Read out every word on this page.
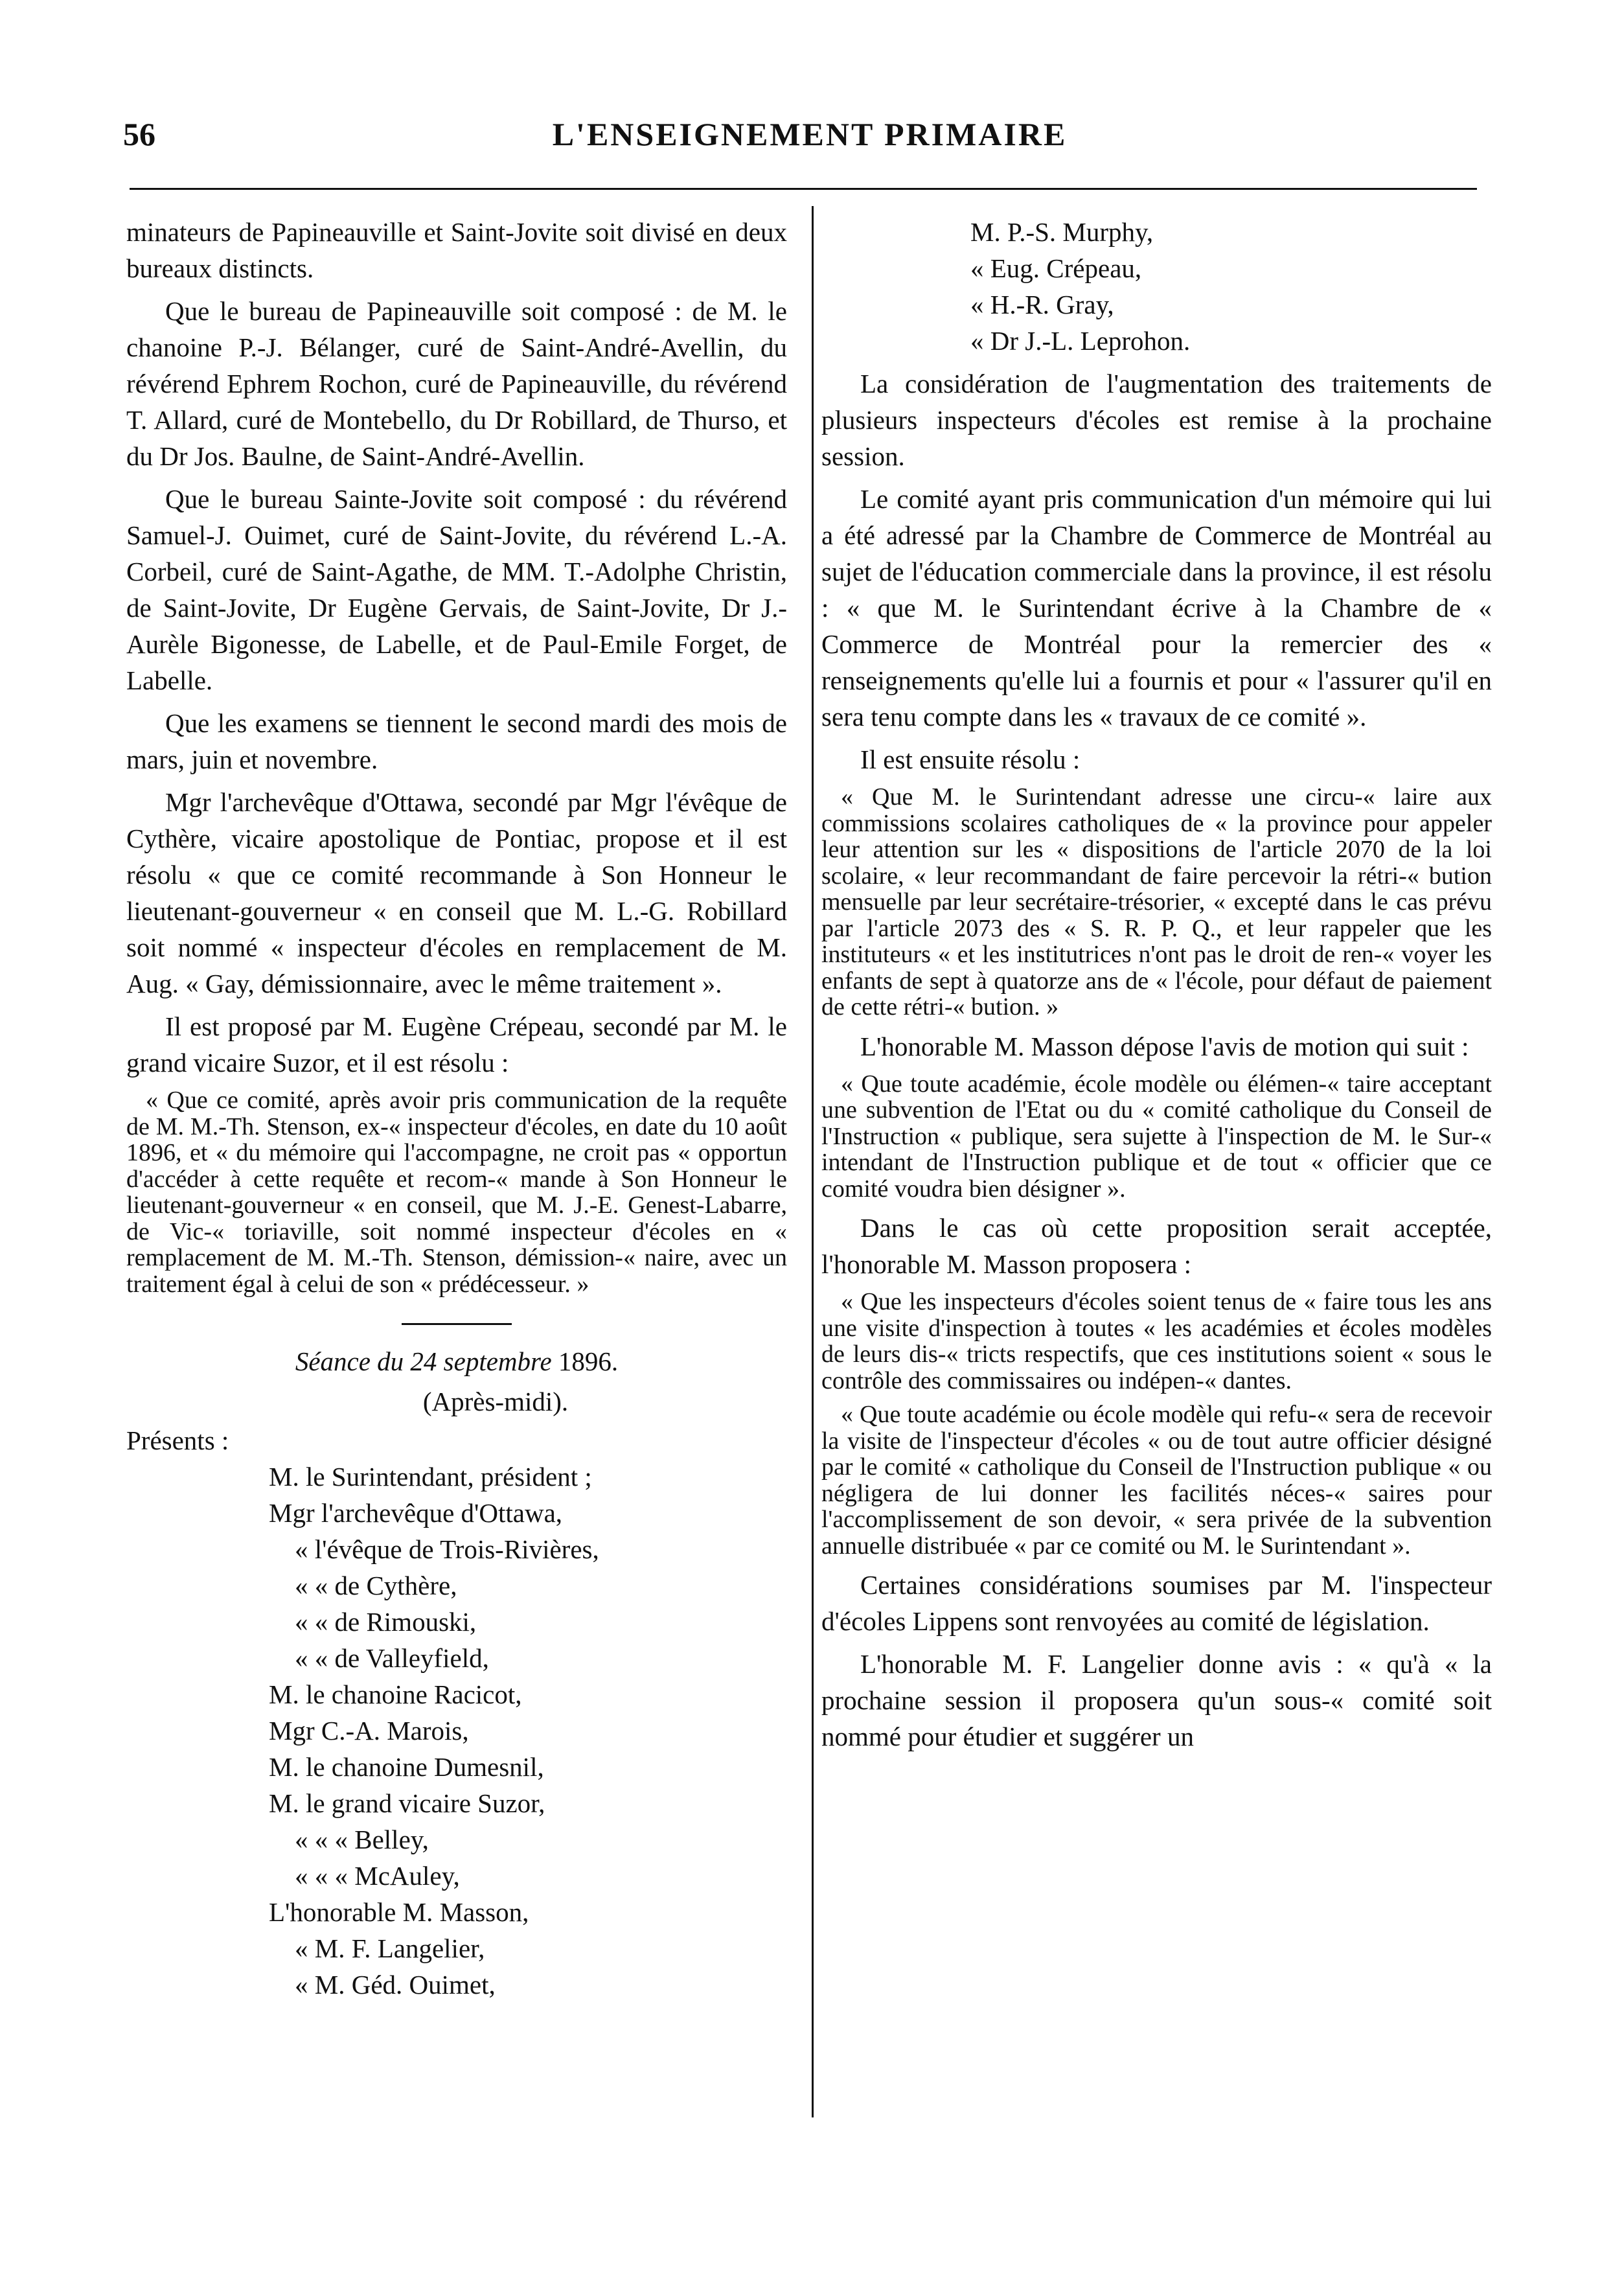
56	L'ENSEIGNEMENT PRIMAIRE

minateurs de Papineauville et Saint-Jovite soit divisé en deux bureaux distincts.

Que le bureau de Papineauville soit composé : de M. le chanoine P.-J. Bélanger, curé de Saint-André-Avellin, du révérend Ephrem Rochon, curé de Papineauville, du révérend T. Allard, curé de Montebello, du Dr Robillard, de Thurso, et du Dr Jos. Baulne, de Saint-André-Avellin.

Que le bureau Sainte-Jovite soit composé : du révérend Samuel-J. Ouimet, curé de Saint-Jovite, du révérend L.-A. Corbeil, curé de Saint-Agathe, de MM. T.-Adolphe Christin, de Saint-Jovite, Dr Eugène Gervais, de Saint-Jovite, Dr J.-Aurèle Bigonesse, de Labelle, et de Paul-Emile Forget, de Labelle.

Que les examens se tiennent le second mardi des mois de mars, juin et novembre.

Mgr l'archevêque d'Ottawa, secondé par Mgr l'évêque de Cythère, vicaire apostolique de Pontiac, propose et il est résolu « que ce comité recommande à Son Honneur le lieutenant-gouverneur « en conseil que M. L.-G. Robillard soit nommé « inspecteur d'écoles en remplacement de M. Aug. « Gay, démissionnaire, avec le même traitement ».

Il est proposé par M. Eugène Crépeau, secondé par M. le grand vicaire Suzor, et il est résolu :

« Que ce comité, après avoir pris communication de la requête de M. M.-Th. Stenson, ex-« inspecteur d'écoles, en date du 10 août 1896, et « du mémoire qui l'accompagne, ne croit pas « opportun d'accéder à cette requête et recom-« mande à Son Honneur le lieutenant-gouverneur « en conseil, que M. J.-E. Genest-Labarre, de Vic-« toriaville, soit nommé inspecteur d'écoles en « remplacement de M. M.-Th. Stenson, démission-« naire, avec un traitement égal à celui de son « prédécesseur. »

Séance du 24 septembre 1896.

(Après-midi).

Présents :

M. le Surintendant, président ;
Mgr l'archevêque d'Ottawa,
« l'évêque de Trois-Rivières,
« « de Cythère,
« « de Rimouski,
« « de Valleyfield,
M. le chanoine Racicot,
Mgr C.-A. Marois,
M. le chanoine Dumesnil,
M. le grand vicaire Suzor,
« « « Belley,
« « « McAuley,
L'honorable M. Masson,
« M. F. Langelier,
« M. Géd. Ouimet,
M. P.-S. Murphy,
« Eug. Crépeau,
« H.-R. Gray,
« Dr J.-L. Leprohon.

La considération de l'augmentation des traitements de plusieurs inspecteurs d'écoles est remise à la prochaine session.

Le comité ayant pris communication d'un mémoire qui lui a été adressé par la Chambre de Commerce de Montréal au sujet de l'éducation commerciale dans la province, il est résolu : « que M. le Surintendant écrive à la Chambre de « Commerce de Montréal pour la remercier des « renseignements qu'elle lui a fournis et pour « l'assurer qu'il en sera tenu compte dans les « travaux de ce comité ».

Il est ensuite résolu :

« Que M. le Surintendant adresse une circu-« laire aux commissions scolaires catholiques de « la province pour appeler leur attention sur les « dispositions de l'article 2070 de la loi scolaire, « leur recommandant de faire percevoir la rétri-« bution mensuelle par leur secrétaire-trésorier, « excepté dans le cas prévu par l'article 2073 des « S. R. P. Q., et leur rappeler que les instituteurs « et les institutrices n'ont pas le droit de ren-« voyer les enfants de sept à quatorze ans de « l'école, pour défaut de paiement de cette rétri-« bution. »

L'honorable M. Masson dépose l'avis de motion qui suit :

« Que toute académie, école modèle ou élémen-« taire acceptant une subvention de l'Etat ou du « comité catholique du Conseil de l'Instruction « publique, sera sujette à l'inspection de M. le Sur-« intendant de l'Instruction publique et de tout « officier que ce comité voudra bien désigner ».

Dans le cas où cette proposition serait acceptée, l'honorable M. Masson proposera :

« Que les inspecteurs d'écoles soient tenus de « faire tous les ans une visite d'inspection à toutes « les académies et écoles modèles de leurs dis-« tricts respectifs, que ces institutions soient « sous le contrôle des commissaires ou indépen-« dantes.

« Que toute académie ou école modèle qui refu-« sera de recevoir la visite de l'inspecteur d'écoles « ou de tout autre officier désigné par le comité « catholique du Conseil de l'Instruction publique « ou négligera de lui donner les facilités néces-« saires pour l'accomplissement de son devoir, « sera privée de la subvention annuelle distribuée « par ce comité ou M. le Surintendant ».

Certaines considérations soumises par M. l'inspecteur d'écoles Lippens sont renvoyées au comité de législation.

L'honorable M. F. Langelier donne avis : « qu'à « la prochaine session il proposera qu'un sous-« comité soit nommé pour étudier et suggérer un
